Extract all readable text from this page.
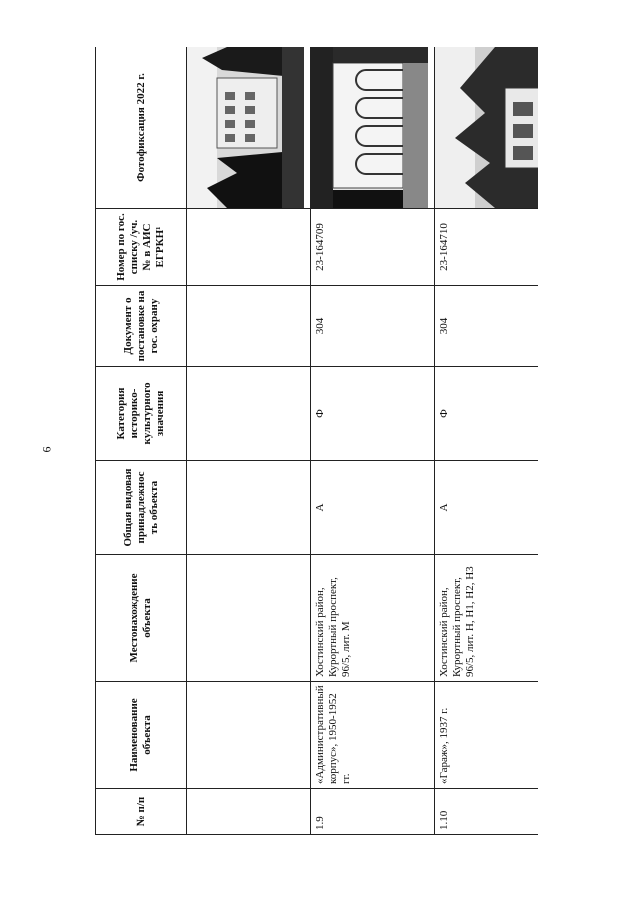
6
№ п/п	Наименование объекта	Местонахождение объекта	Общая видовая принадлежнос ть объекта	Категория историко-культурного значения	Документ о постановке на гос. охрану	Номер по гос. списку /уч. № в АИС ЕГРКН¹	Фотофиксация 2022 г.

1.9	«Административный корпус», 1950-1952 гг.	Хостинский район, Курортный проспект, 96/5, лит. М	А	Ф	304	23-164709	

1.10	«Гараж», 1937 г.	Хостинский район, Курортный проспект, 96/5, лит. Н, Н1, Н2, Н3	А	Ф	304	23-164710	
